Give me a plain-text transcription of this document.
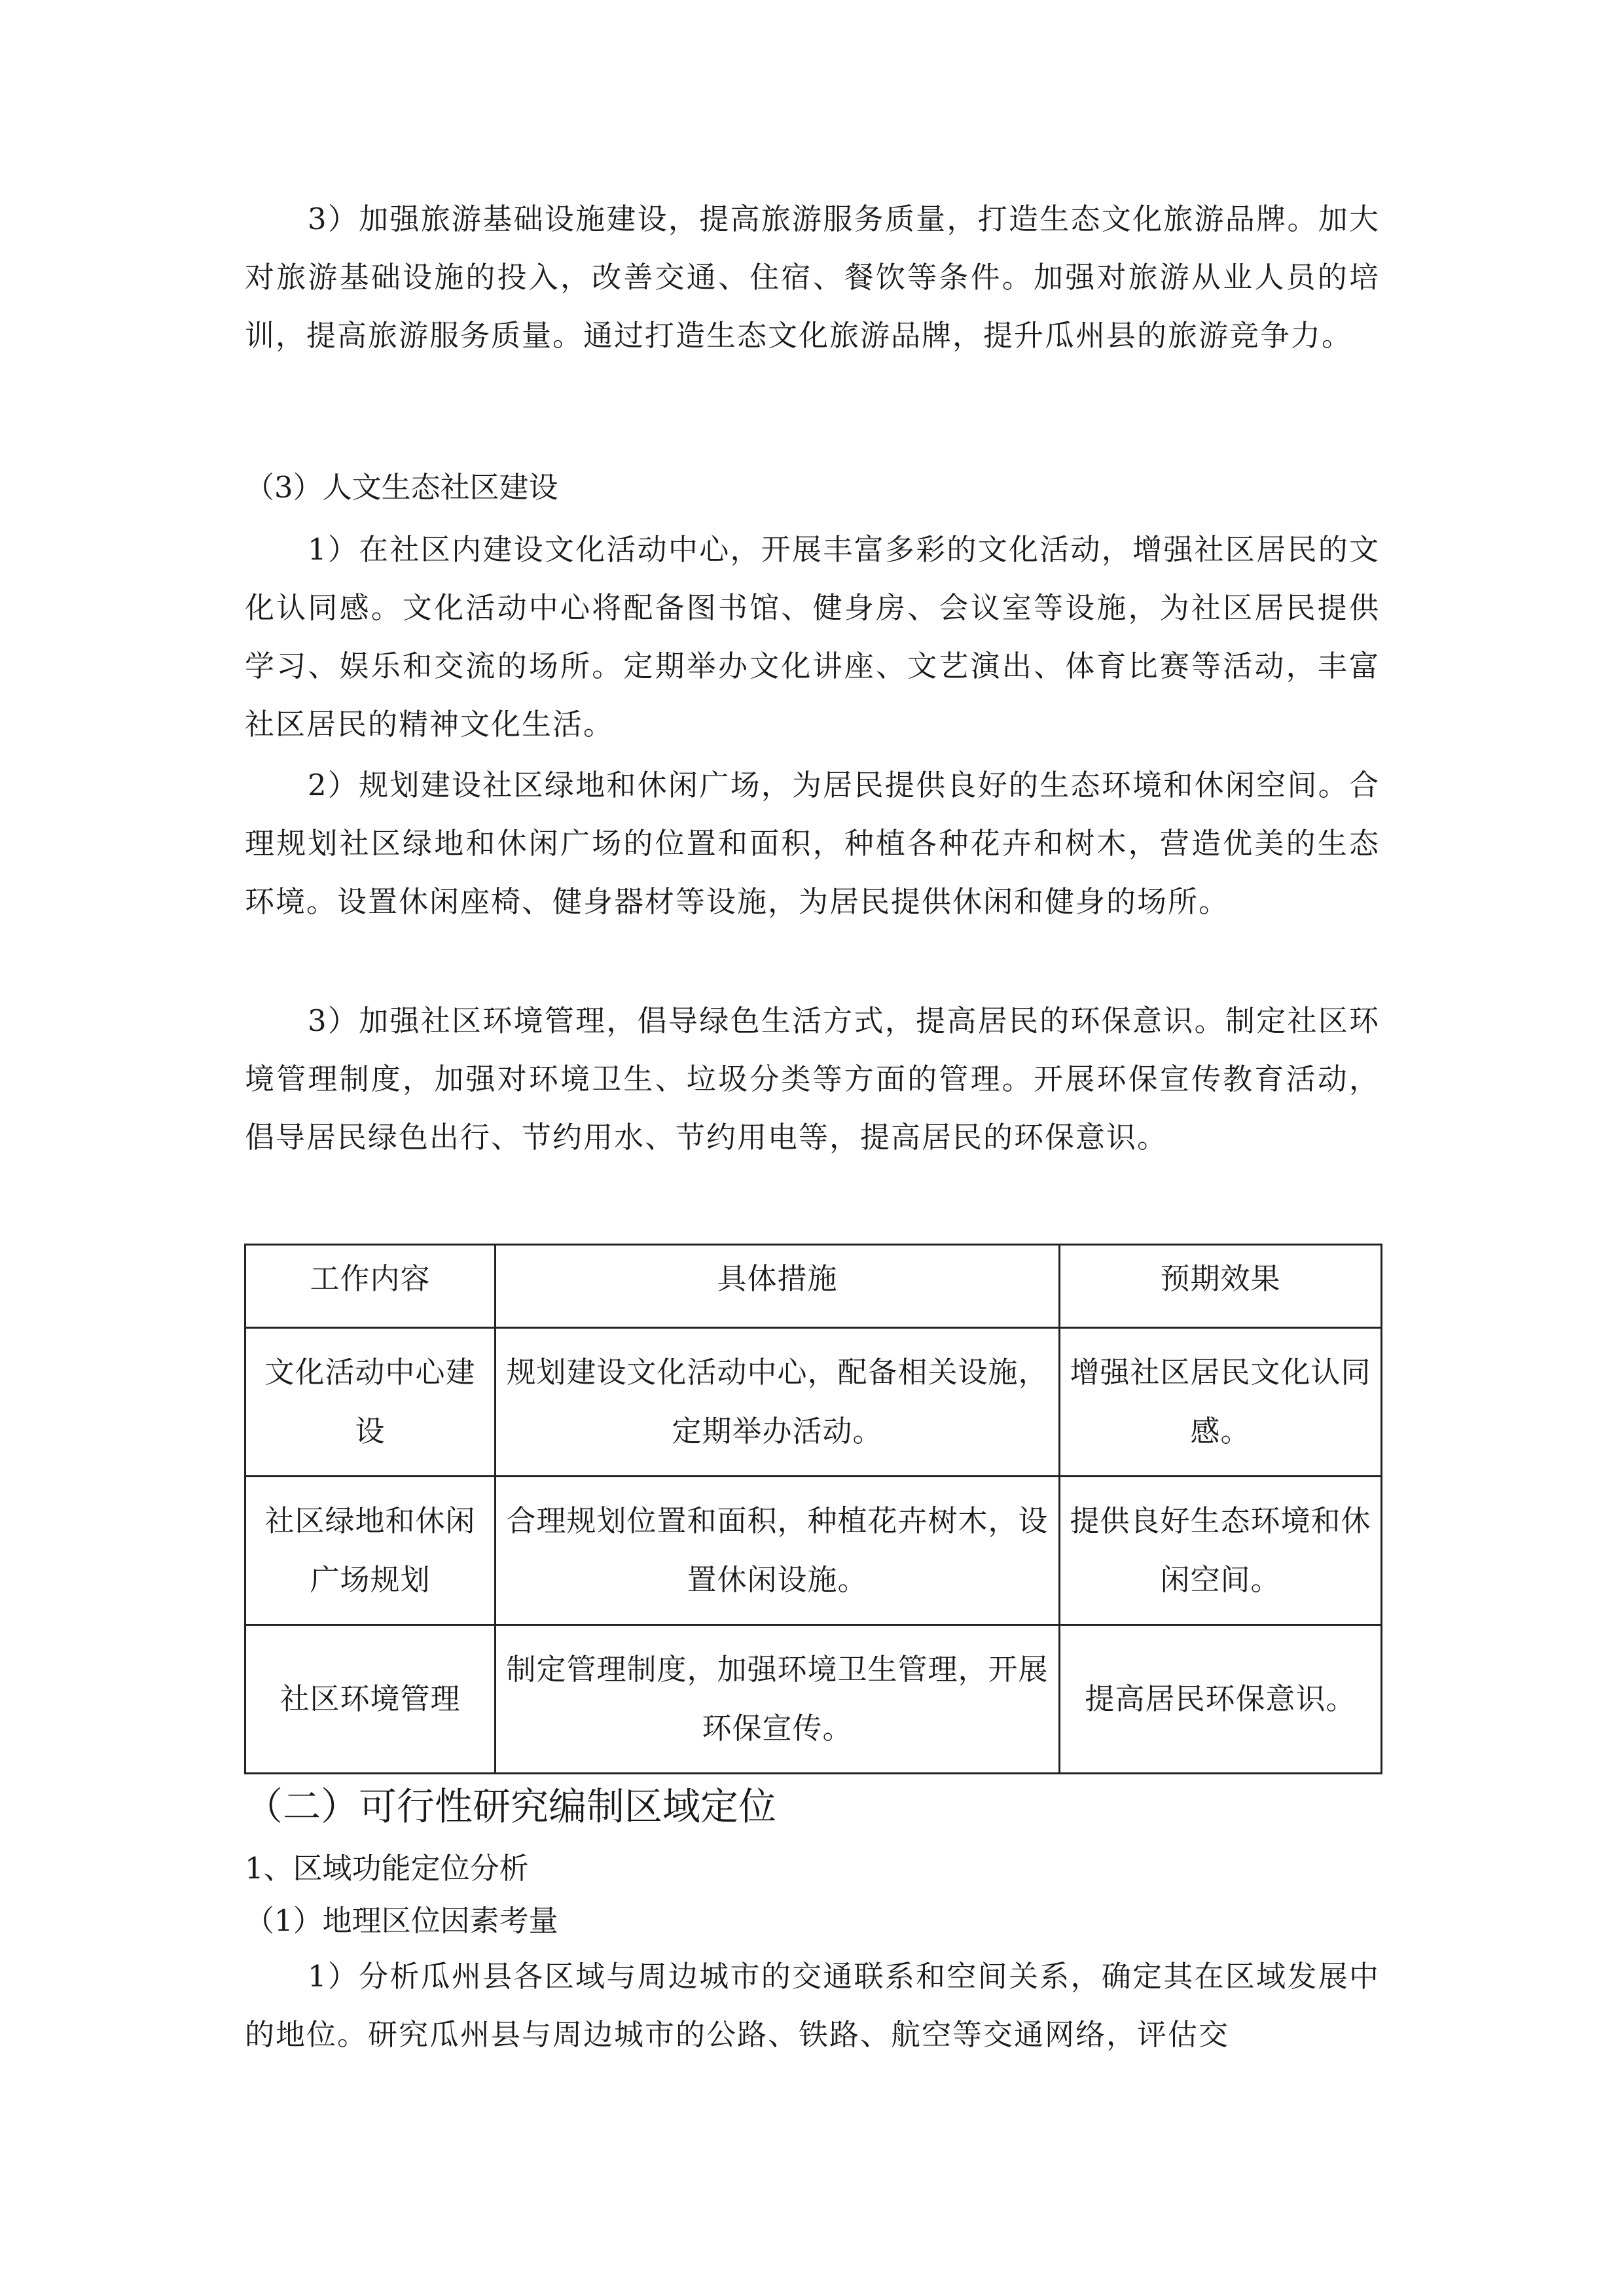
3）加强旅游基础设施建设，提高旅游服务质量，打造生态文化旅游品牌。加大对旅游基础设施的投入，改善交通、住宿、餐饮等条件。加强对旅游从业人员的培训，提高旅游服务质量。通过打造生态文化旅游品牌，提升瓜州县的旅游竞争力。

（3）人文生态社区建设

1）在社区内建设文化活动中心，开展丰富多彩的文化活动，增强社区居民的文化认同感。文化活动中心将配备图书馆、健身房、会议室等设施，为社区居民提供学习、娱乐和交流的场所。定期举办文化讲座、文艺演出、体育比赛等活动，丰富社区居民的精神文化生活。

2）规划建设社区绿地和休闲广场，为居民提供良好的生态环境和休闲空间。合理规划社区绿地和休闲广场的位置和面积，种植各种花卉和树木，营造优美的生态环境。设置休闲座椅、健身器材等设施，为居民提供休闲和健身的场所。

3）加强社区环境管理，倡导绿色生活方式，提高居民的环保意识。制定社区环境管理制度，加强对环境卫生、垃圾分类等方面的管理。开展环保宣传教育活动，倡导居民绿色出行、节约用水、节约用电等，提高居民的环保意识。

工作内容	具体措施	预期效果
文化活动中心建设	规划建设文化活动中心，配备相关设施，定期举办活动。	增强社区居民文化认同感。
社区绿地和休闲广场规划	合理规划位置和面积，种植花卉树木，设置休闲设施。	提供良好生态环境和休闲空间。
社区环境管理	制定管理制度，加强环境卫生管理，开展环保宣传。	提高居民环保意识。

（二）可行性研究编制区域定位

1、区域功能定位分析

（1）地理区位因素考量

1）分析瓜州县各区域与周边城市的交通联系和空间关系，确定其在区域发展中的地位。研究瓜州县与周边城市的公路、铁路、航空等交通网络，评估交
